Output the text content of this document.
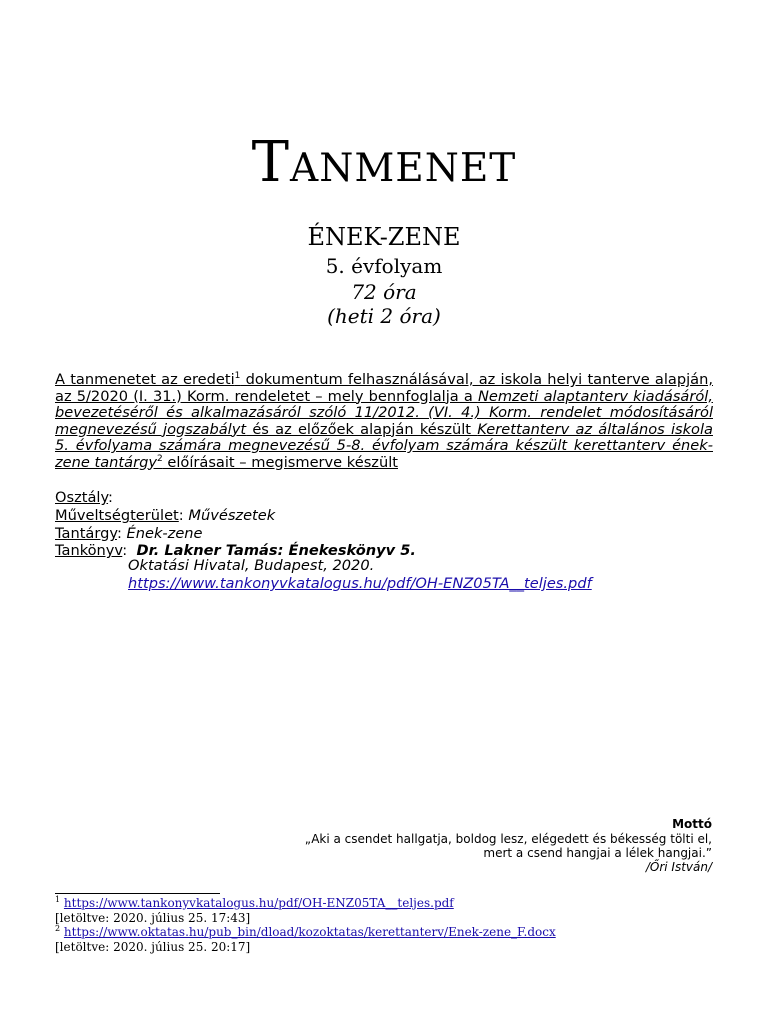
Tanmenet
ÉNEK-ZENE
5. évfolyam
72 óra
(heti 2 óra)
A tanmenetet az eredeti$^1$ dokumentum felhasználásával, az iskola helyi tanterve alapján, az 5/2020 (I. 31.) Korm. rendeletet – mely bennfoglalja a Nemzeti alaptanterv kiadásáról, bevezetéséről és alkalmazásáról szóló 11/2012. (VI. 4.) Korm. rendelet módosításáról megnevezésű jogszabályt és az előzőek alapján készült Kerettanterv az általános iskola 5. évfolyama számára megnevezésű 5-8. évfolyam számára készült kerettanterv ének-zene tantárgy$^2$ előírásait – megismerve készült
Osztály:
Műveltségterület: Művészetek
Tantárgy: Ének-zene
Tankönyv:  Dr. Lakner Tamás: Énekeskönyv 5.
Oktatási Hivatal, Budapest, 2020.
https://www.tankonyvkatalogus.hu/pdf/OH-ENZ05TA__teljes.pdf
Mottó
„Aki a csendet hallgatja, boldog lesz, elégedett és békesség tölti el,
mert a csend hangjai a lélek hangjai.”
/Őri István/
$^1$ https://www.tankonyvkatalogus.hu/pdf/OH-ENZ05TA__teljes.pdf
[letöltve: 2020. július 25. 17:43]
$^2$ https://www.oktatas.hu/pub_bin/dload/kozoktatas/kerettanterv/Enek-zene_F.docx
[letöltve: 2020. július 25. 20:17]
